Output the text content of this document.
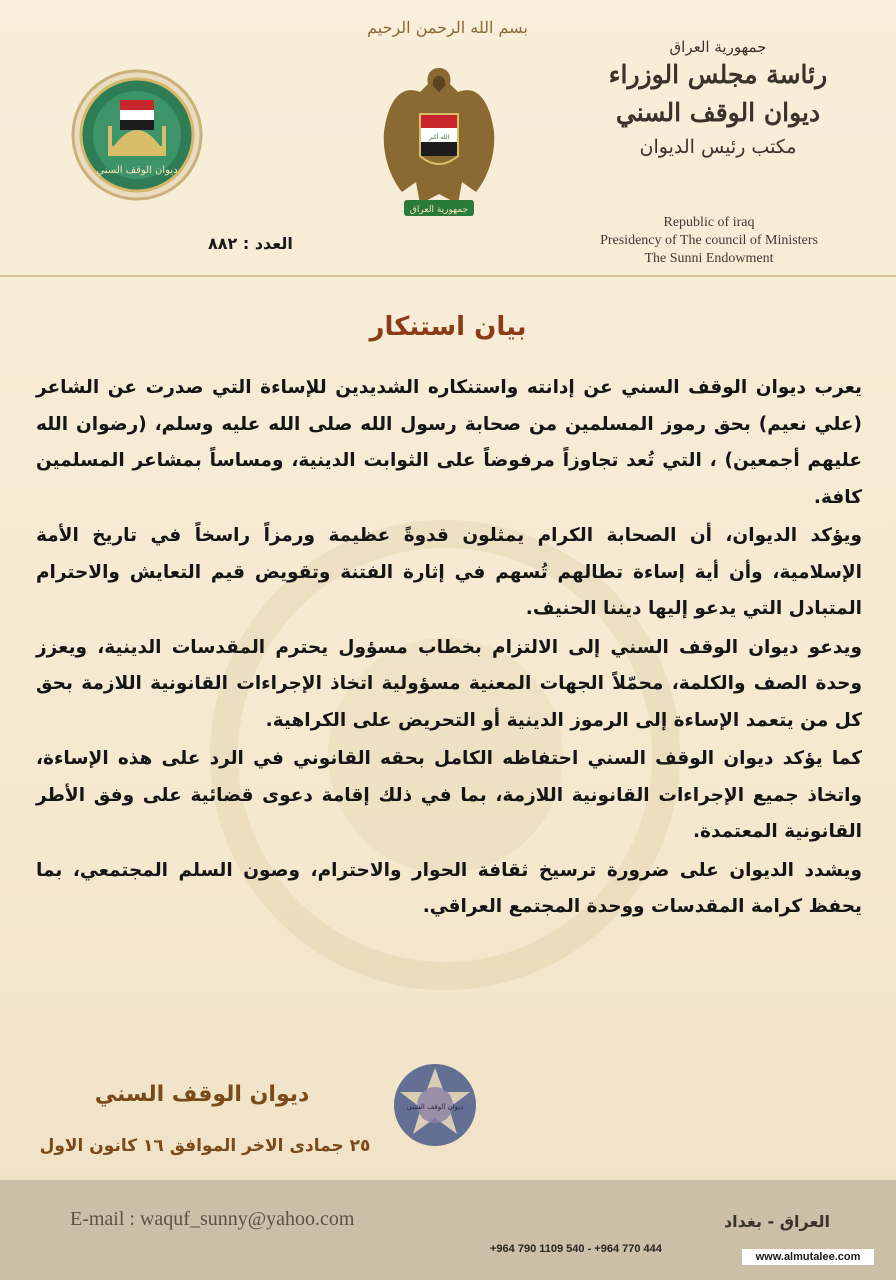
بسم الله الرحمن الرحيم
ديوان الوقف السني
الله أكبر
جمهورية العراق
جمهورية العراق
رئاسة مجلس الوزراء
ديوان الوقف السني
مكتب رئيس الديوان
Republic of iraq
Presidency of The council of Ministers
The Sunni Endowment
العدد : ٨٨٢
بيان استنكار

يعرب ديوان الوقف السني عن إدانته واستنكاره الشديدين للإساءة التي صدرت عن الشاعر (علي نعيم) بحق رموز المسلمين من صحابة رسول الله صلى الله عليه وسلم، (رضوان الله عليهم أجمعين) ، التي تُعد تجاوزاً مرفوضاً على الثوابت الدينية، ومساساً بمشاعر المسلمين كافة.

ويؤكد الديوان، أن الصحابة الكرام يمثلون قدوةً عظيمة ورمزاً راسخاً في تاريخ الأمة الإسلامية، وأن أية إساءة تطالهم تُسهم في إثارة الفتنة وتقويض قيم التعايش والاحترام المتبادل التي يدعو إليها ديننا الحنيف.

ويدعو ديوان الوقف السني إلى الالتزام بخطاب مسؤول يحترم المقدسات الدينية، ويعزز وحدة الصف والكلمة، محمّلاً الجهات المعنية مسؤولية اتخاذ الإجراءات القانونية اللازمة بحق كل من يتعمد الإساءة إلى الرموز الدينية أو التحريض على الكراهية.

كما يؤكد ديوان الوقف السني احتفاظه الكامل بحقه القانوني في الرد على هذه الإساءة، واتخاذ جميع الإجراءات القانونية اللازمة، بما في ذلك إقامة دعوى قضائية على وفق الأطر القانونية المعتمدة.

ويشدد الديوان على ضرورة ترسيخ ثقافة الحوار والاحترام، وصون السلم المجتمعي، بما يحفظ كرامة المقدسات ووحدة المجتمع العراقي.

ديوان الوقف السني
٢٥ جمادى الاخر الموافق ١٦ كانون الاول
ديوان الوقف السني
E-mail : waquf_sunny@yahoo.com	العراق - بغداد
+964 790 1109 540 - +964 770 444
www.almutalee.com
